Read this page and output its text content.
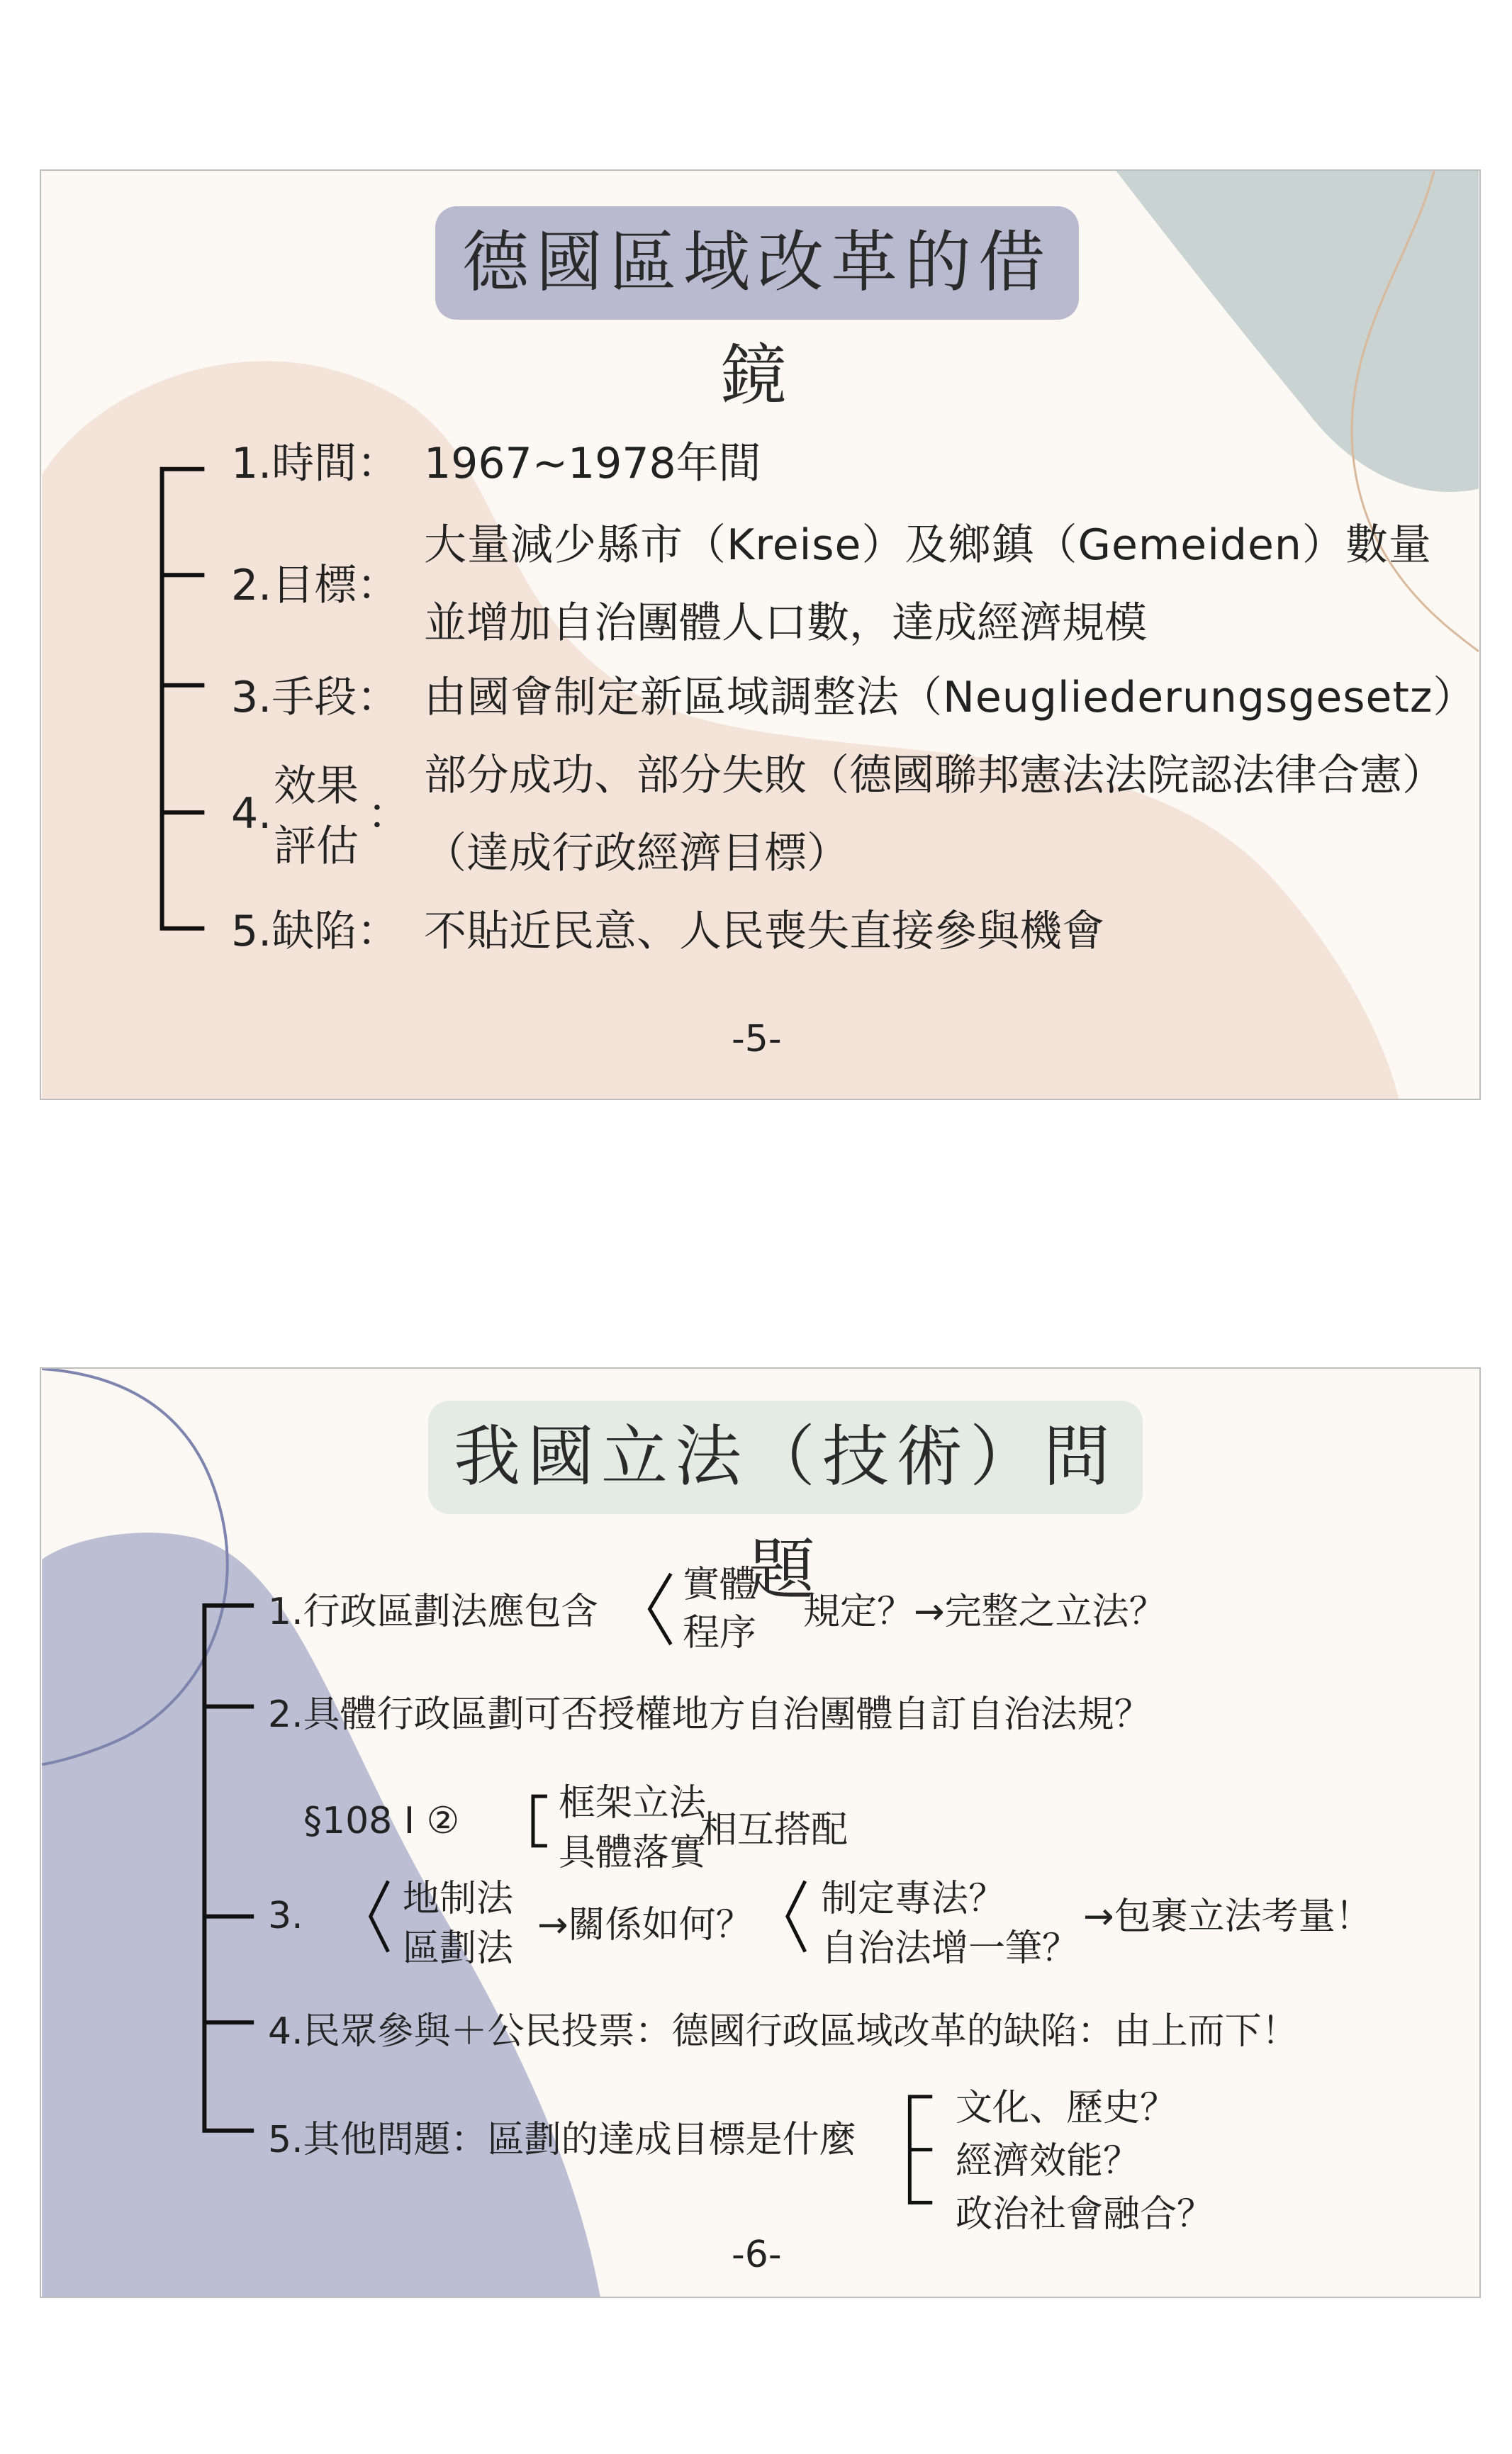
德國區域改革的借鏡
1.時間： 1967~1978年間
2.目標：
大量減少縣市（Kreise）及鄉鎮（Gemeiden）數量
並增加自治團體人口數，達成經濟規模
3.手段： 由國會制定新區域調整法（Neugliederungsgesetz）
4.
效果
評估
：
部分成功、部分失敗（德國聯邦憲法法院認法律合憲）
（達成行政經濟目標）
5.缺陷： 不貼近民意、人民喪失直接參與機會
-5-
我國立法（技術）問題
1.行政區劃法應包含
實體
程序 規定？→完整之立法？
2.具體行政區劃可否授權地方自治團體自訂自治法規？
§108 I ②	框架立法
具體落實
相互搭配
3.	地制法
區劃法
→關係如何？
制定專法？
自治法增一筆？
→包裹立法考量！
4.民眾參與＋公民投票：德國行政區域改革的缺陷：由上而下！
5.其他問題：區劃的達成目標是什麼
文化、歷史？
經濟效能？
政治社會融合？
-6-
